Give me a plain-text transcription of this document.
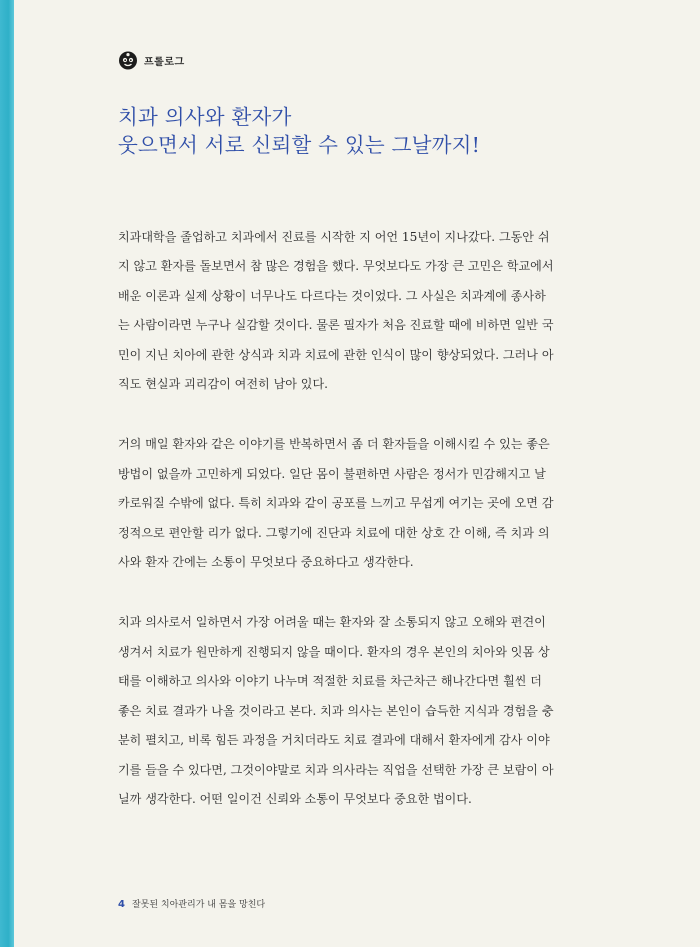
프롤로그
치과 의사와 환자가
웃으면서 서로 신뢰할 수 있는 그날까지!

치과대학을 졸업하고 치과에서 진료를 시작한 지 어언 15년이 지나갔다. 그동안 쉬
지 않고 환자를 돌보면서 참 많은 경험을 했다. 무엇보다도 가장 큰 고민은 학교에서
배운 이론과 실제 상황이 너무나도 다르다는 것이었다. 그 사실은 치과계에 종사하
는 사람이라면 누구나 실감할 것이다. 물론 필자가 처음 진료할 때에 비하면 일반 국
민이 지닌 치아에 관한 상식과 치과 치료에 관한 인식이 많이 향상되었다. 그러나 아
직도 현실과 괴리감이 여전히 남아 있다.

거의 매일 환자와 같은 이야기를 반복하면서 좀 더 환자들을 이해시킬 수 있는 좋은
방법이 없을까 고민하게 되었다. 일단 몸이 불편하면 사람은 정서가 민감해지고 날
카로워질 수밖에 없다. 특히 치과와 같이 공포를 느끼고 무섭게 여기는 곳에 오면 감
정적으로 편안할 리가 없다. 그렇기에 진단과 치료에 대한 상호 간 이해, 즉 치과 의
사와 환자 간에는 소통이 무엇보다 중요하다고 생각한다.

치과 의사로서 일하면서 가장 어려울 때는 환자와 잘 소통되지 않고 오해와 편견이
생겨서 치료가 원만하게 진행되지 않을 때이다. 환자의 경우 본인의 치아와 잇몸 상
태를 이해하고 의사와 이야기 나누며 적절한 치료를 차근차근 해나간다면 훨씬 더
좋은 치료 결과가 나올 것이라고 본다. 치과 의사는 본인이 습득한 지식과 경험을 충
분히 펼치고, 비록 힘든 과정을 거치더라도 치료 결과에 대해서 환자에게 감사 이야
기를 들을 수 있다면, 그것이야말로 치과 의사라는 직업을 선택한 가장 큰 보람이 아
닐까 생각한다. 어떤 일이건 신뢰와 소통이 무엇보다 중요한 법이다.

4 잘못된 치아관리가 내 몸을 망친다
